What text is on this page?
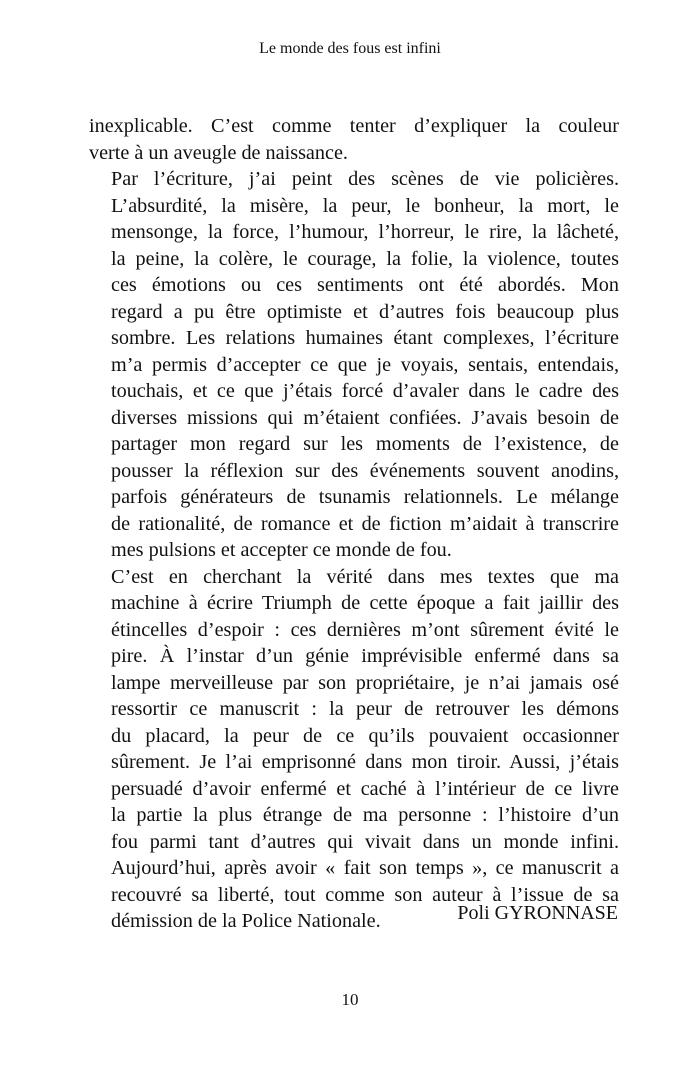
Le monde des fous est infini
inexplicable. C’est comme tenter d’expliquer la couleur
verte à un aveugle de naissance.
Par l’écriture, j’ai peint des scènes de vie policières.
L’absurdité, la misère, la peur, le bonheur, la mort, le
mensonge, la force, l’humour, l’horreur, le rire, la lâcheté,
la peine, la colère, le courage, la folie, la violence, toutes
ces émotions ou ces sentiments ont été abordés. Mon
regard a pu être optimiste et d’autres fois beaucoup plus
sombre. Les relations humaines étant complexes, l’écriture
m’a permis d’accepter ce que je voyais, sentais, entendais,
touchais, et ce que j’étais forcé d’avaler dans le cadre des
diverses missions qui m’étaient confiées. J’avais besoin de
partager mon regard sur les moments de l’existence, de
pousser la réflexion sur des événements souvent anodins,
parfois générateurs de tsunamis relationnels. Le mélange
de rationalité, de romance et de fiction m’aidait à transcrire
mes pulsions et accepter ce monde de fou.
C’est en cherchant la vérité dans mes textes que ma
machine à écrire Triumph de cette époque a fait jaillir des
étincelles d’espoir : ces dernières m’ont sûrement évité le
pire. À l’instar d’un génie imprévisible enfermé dans sa
lampe merveilleuse par son propriétaire, je n’ai jamais osé
ressortir ce manuscrit : la peur de retrouver les démons
du placard, la peur de ce qu’ils pouvaient occasionner
sûrement. Je l’ai emprisonné dans mon tiroir. Aussi, j’étais
persuadé d’avoir enfermé et caché à l’intérieur de ce livre
la partie la plus étrange de ma personne : l’histoire d’un
fou parmi tant d’autres qui vivait dans un monde infini.
Aujourd’hui, après avoir « fait son temps », ce manuscrit a
recouvré sa liberté, tout comme son auteur à l’issue de sa
démission de la Police Nationale.	Poli GYRONNASE
10
